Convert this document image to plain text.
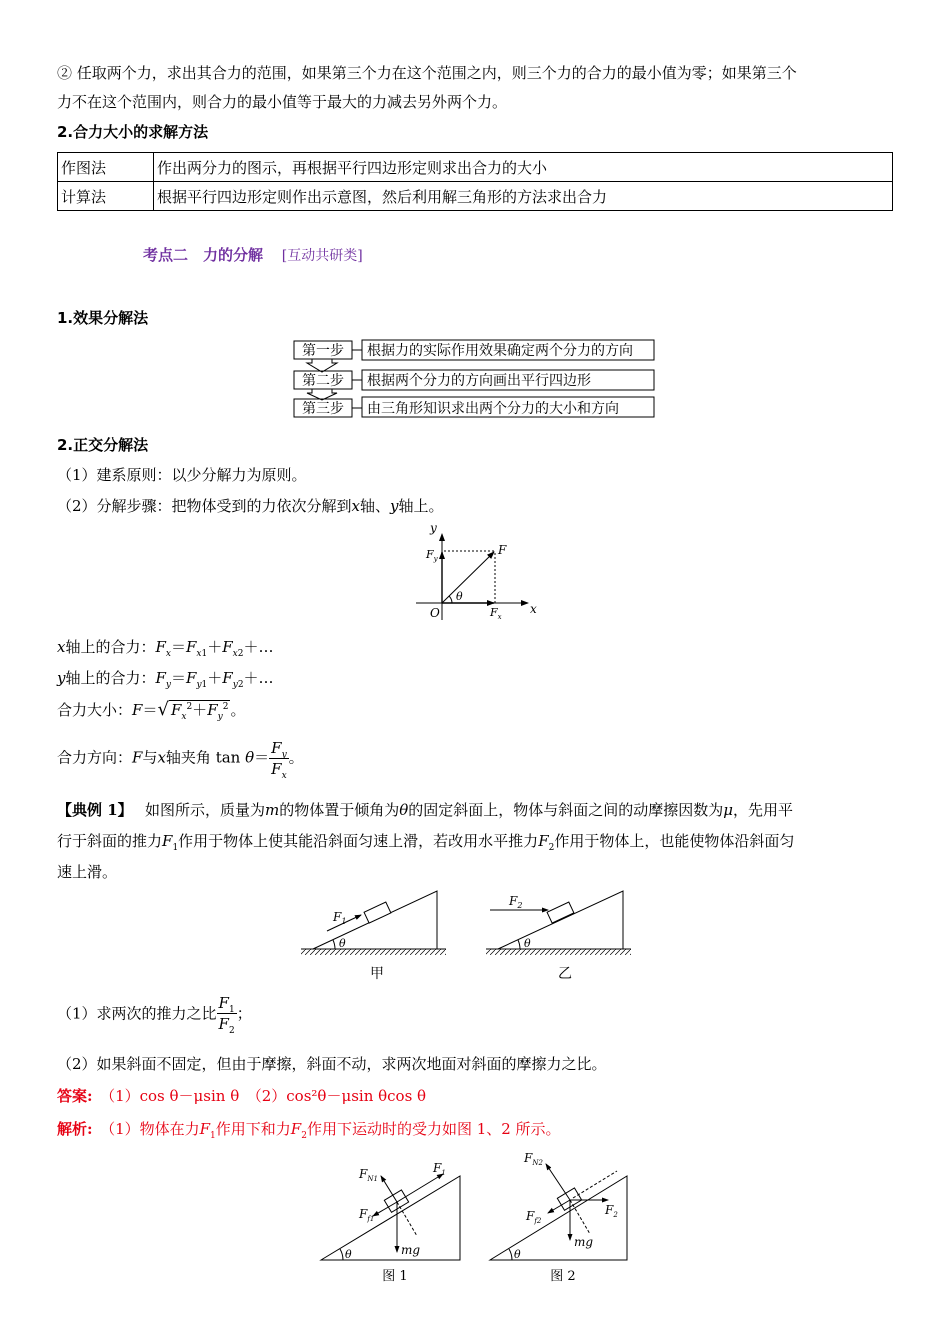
② 任取两个力，求出其合力的范围，如果第三个力在这个范围之内，则三个力的合力的最小值为零；如果第三个
力不在这个范围内，则合力的最小值等于最大的力减去另外两个力。
2.合力大小的求解方法
作图法	作出两分力的图示，再根据平行四边形定则求出合力的大小
计算法	根据平行四边形定则作出示意图，然后利用解三角形的方法求出合力
考点二　力的分解 [互动共研类]
1.效果分解法
第一步 根据力的实际作用效果确定两个分力的方向
第二步 根据两个分力的方向画出平行四边形
第三步 由三角形知识求出两个分力的大小和方向
2.正交分解法
（1）建系原则：以少分解力为原则。
（2）分解步骤：把物体受到的力依次分解到x轴、y轴上。
x
y
O
F
θ
$F_x$
$F_y$
x轴上的合力：$F_x=F_{x1}+F_{x2}+\dots$
y轴上的合力：$F_y=F_{y1}+F_{y2}+\dots$
合力大小：F＝√ $F_x^2+F_y^2$ 。
合力方向：F与x轴夹角 $\tan \theta= \frac{F_y}{F_x}$ 。
【典例 1】　 如图所示，质量为m的物体置于倾角为θ的固定斜面上，物体与斜面之间的动摩擦因数为μ，先用平
行于斜面的推力$F_1$作用于物体上使其能沿斜面匀速上滑，若改用水平推力$F_2$作用于物体上，也能使物体沿斜面匀
速上滑。
$F_1$
θ
$F_2$
θ
甲	乙
（1）求两次的推力之比 $\frac{F_1}{F_2}$ ；
（2）如果斜面不固定，但由于摩擦，斜面不动，求两次地面对斜面的摩擦力之比。
答案:　 （1）cos θ－μsin θ　（2）cos²θ－μsin θcos θ
解析:　 （1）物体在力$F_1$作用下和力$F_2$作用下运动时的受力如图 1、2 所示。
$F_{N1}$
$F_{f1}$
$F_1$
mg
θ
$F_{N2}$
$F_{f2}$
$F_2$
mg
θ
图 1	图 2
